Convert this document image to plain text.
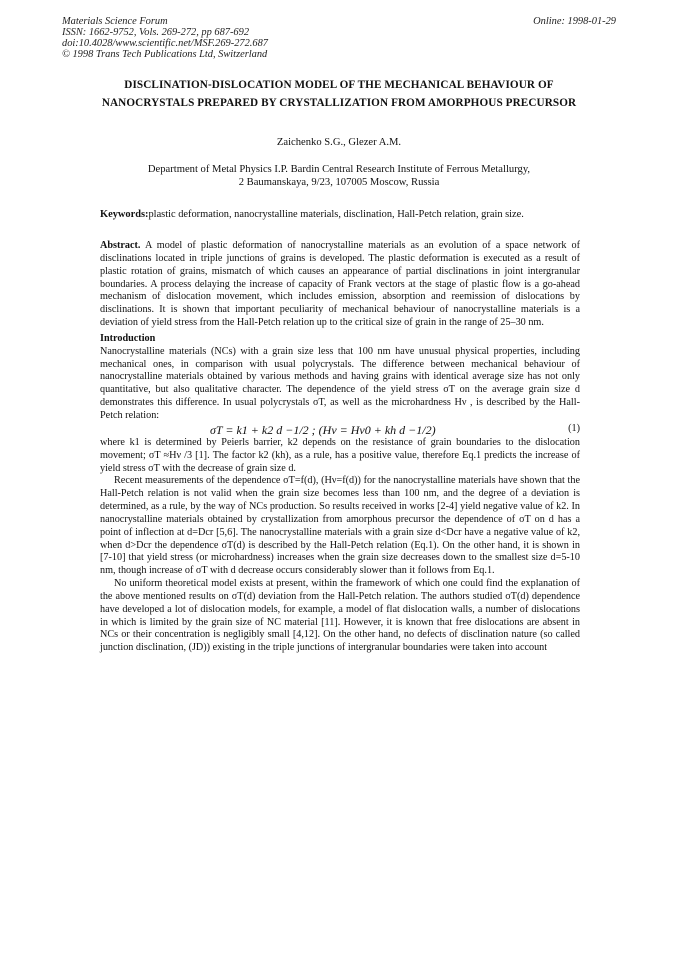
Materials Science Forum
ISSN: 1662-9752, Vols. 269-272, pp 687-692
doi:10.4028/www.scientific.net/MSF.269-272.687
© 1998 Trans Tech Publications Ltd, Switzerland
Online: 1998-01-29
DISCLINATION-DISLOCATION MODEL OF THE MECHANICAL BEHAVIOUR OF NANOCRYSTALS PREPARED BY CRYSTALLIZATION FROM AMORPHOUS PRECURSOR
Zaichenko S.G., Glezer A.M.
Department of Metal Physics I.P. Bardin Central Research Institute of Ferrous Metallurgy,
2 Baumanskaya, 9/23, 107005 Moscow, Russia
Keywords:plastic deformation, nanocrystalline materials, disclination, Hall-Petch relation, grain size.

Abstract. A model of plastic deformation of nanocrystalline materials as an evolution of a space network of disclinations located in triple junctions of grains is developed. The plastic deformation is executed as a result of plastic rotation of grains, mismatch of which causes an appearance of partial disclinations in joint intergranular boundaries. A process delaying the increase of capacity of Frank vectors at the stage of plastic flow is a go-ahead mechanism of dislocation movement, which includes emission, absorption and reemission of dislocations by disclinations. It is shown that important peculiarity of mechanical behaviour of nanocrystalline materials is a deviation of yield stress from the Hall-Petch relation up to the critical size of grain in the range of 25–30 nm.

Introduction

Nanocrystalline materials (NCs) with a grain size less that 100 nm have unusual physical properties, including mechanical ones, in comparison with usual polycrystals. The difference between mechanical behaviour of nanocrystalline materials obtained by various methods and having grains with identical average size has not only quantitative, but also qualitative character. The dependence of the yield stress σT on the average grain size d demonstrates this difference. In usual polycrystals σT, as well as the microhardness Hν , is described by the Hall-Petch relation:

σT = k1 + k2 d −1/2 ; (Hν = Hν0 + kh d −1/2)	(1)

where k1 is determined by Peierls barrier, k2 depends on the resistance of grain boundaries to the dislocation movement; σT ≈Hν /3 [1]. The factor k2 (kh), as a rule, has a positive value, therefore Eq.1 predicts the increase of yield stress σT with the decrease of grain size d.

Recent measurements of the dependence σT=f(d), (Hν=f(d)) for the nanocrystalline materials have shown that the Hall-Petch relation is not valid when the grain size becomes less than 100 nm, and the degree of a deviation is determined, as a rule, by the way of NCs production. So results received in works [2-4] yield negative value of k2. In nanocrystalline materials obtained by crystallization from amorphous precursor the dependence of σT on d has a point of inflection at d=Dcr [5,6]. The nanocrystalline materials with a grain size d<Dcr have a negative value of k2, when d>Dcr the dependence σT(d) is described by the Hall-Petch relation (Eq.1). On the other hand, it is shown in [7-10] that yield stress (or microhardness) increases when the grain size decreases down to the smallest size d=5-10 nm, though increase of σT with d decrease occurs considerably slower than it follows from Eq.1.

No uniform theoretical model exists at present, within the framework of which one could find the explanation of the above mentioned results on σT(d) deviation from the Hall-Petch relation. The authors studied σT(d) dependence have developed a lot of dislocation models, for example, a model of flat dislocation walls, a number of dislocations in which is limited by the grain size of NC material [11]. However, it is known that free dislocations are absent in NCs or their concentration is negligibly small [4,12]. On the other hand, no defects of disclination nature (so called junction disclination, (JD)) existing in the triple junctions of intergranular boundaries were taken into account
